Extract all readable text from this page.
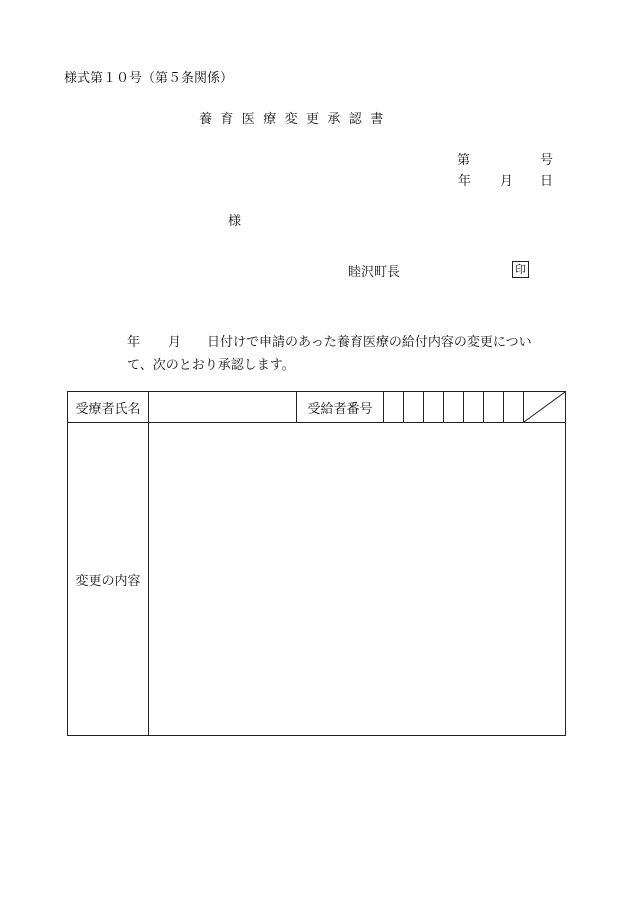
様式第１０号（第５条関係）
養育医療変更承認書
第	号
年 月 日
様
睦沢町長	印
年 月 日付けで申請のあった養育医療の給付内容の変更につい
て、次のとおり承認します。
受療者氏名		受給者番号								

変更の内容										
